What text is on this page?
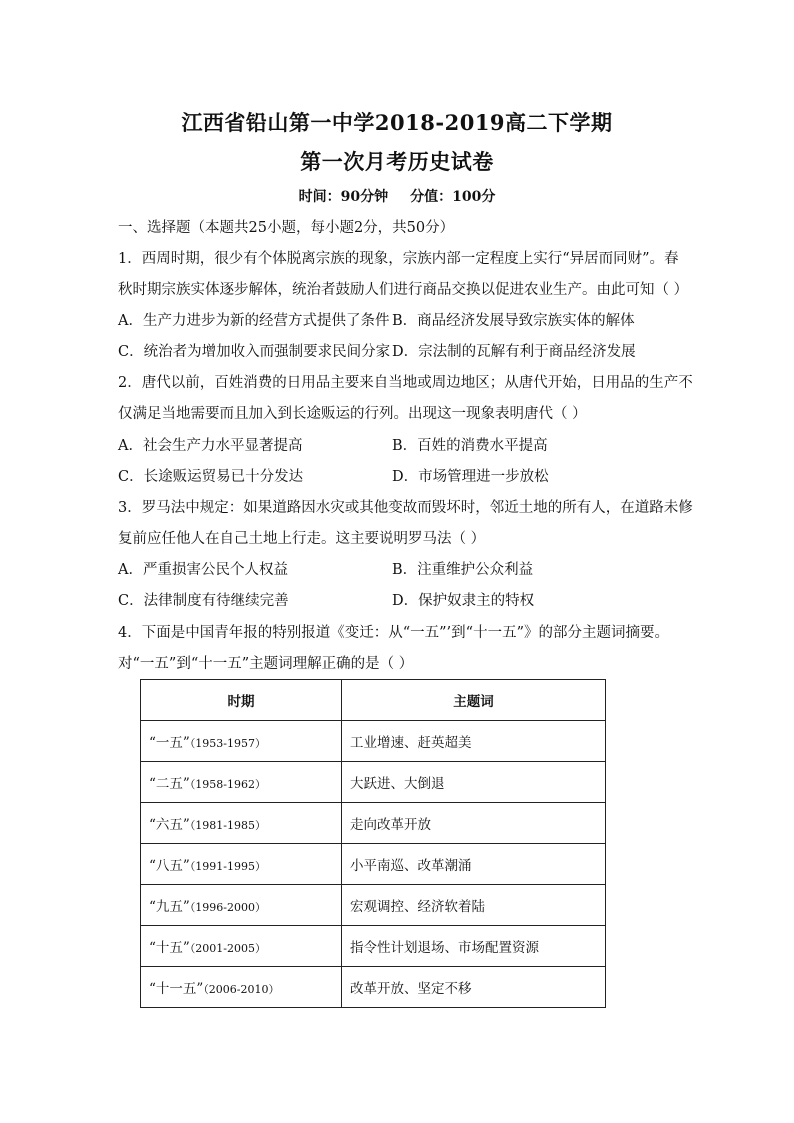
江西省铅山第一中学2018-2019高二下学期
第一次月考历史试卷
时间：90分钟 分值：100分
一、选择题（本题共25小题，每小题2分，共50分）
1．西周时期，很少有个体脱离宗族的现象，宗族内部一定程度上实行“异居而同财”。春
秋时期宗族实体逐步解体，统治者鼓励人们进行商品交换以促进农业生产。由此可知（ ）
A．生产力进步为新的经营方式提供了条件 B．商品经济发展导致宗族实体的解体
C．统治者为增加收入而强制要求民间分家 D．宗法制的瓦解有利于商品经济发展
2．唐代以前，百姓消费的日用品主要来自当地或周边地区；从唐代开始，日用品的生产不
仅满足当地需要而且加入到长途贩运的行列。出现这一现象表明唐代（ ）
A．社会生产力水平显著提高	B．百姓的消费水平提高
C．长途贩运贸易已十分发达	D．市场管理进一步放松
3．罗马法中规定：如果道路因水灾或其他变故而毁坏时，邻近土地的所有人，在道路未修
复前应任他人在自己土地上行走。这主要说明罗马法（ ）
A．严重损害公民个人权益	B．注重维护公众利益
C．法律制度有待继续完善	D．保护奴隶主的特权
4．下面是中国青年报的特别报道《变迁：从“一五”’到“十一五”》的部分主题词摘要。
对“一五”到“十一五”主题词理解正确的是（ ）
时期	主题词
“一五”（1953-1957）	工业增速、赶英超美
“二五”（1958-1962）	大跃进、大倒退
“六五”（1981-1985）	走向改革开放
“八五”（1991-1995）	小平南巡、改革潮涌
“九五”（1996-2000）	宏观调控、经济软着陆
“十五”（2001-2005）	指令性计划退场、市场配置资源
“十一五”（2006-2010）	改革开放、坚定不移
